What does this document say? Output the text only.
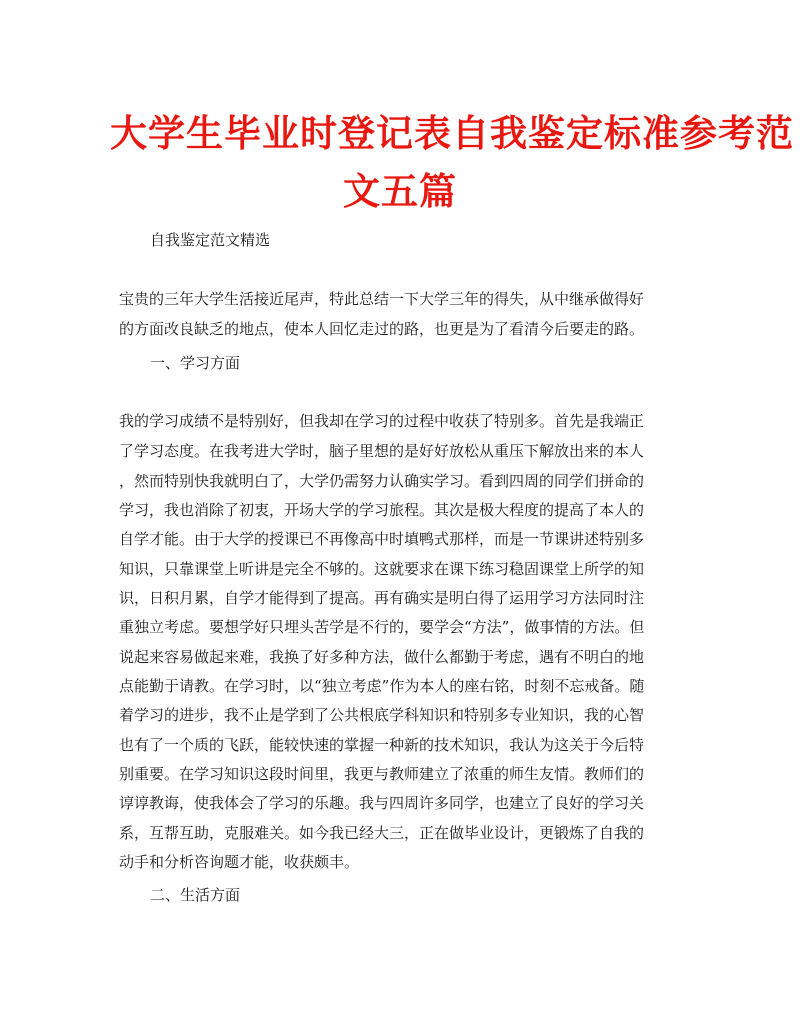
大学生毕业时登记表自我鉴定标准参考范
文五篇
自我鉴定范文精选
宝贵的三年大学生活接近尾声，特此总结一下大学三年的得失，从中继承做得好
的方面改良缺乏的地点，使本人回忆走过的路，也更是为了看清今后要走的路。
一、学习方面
我的学习成绩不是特别好，但我却在学习的过程中收获了特别多。首先是我端正
了学习态度。在我考进大学时，脑子里想的是好好放松从重压下解放出来的本人
，然而特别快我就明白了，大学仍需努力认确实学习。看到四周的同学们拼命的
学习，我也消除了初衷，开场大学的学习旅程。其次是极大程度的提高了本人的
自学才能。由于大学的授课已不再像高中时填鸭式那样，而是一节课讲述特别多
知识，只靠课堂上听讲是完全不够的。这就要求在课下练习稳固课堂上所学的知
识，日积月累，自学才能得到了提高。再有确实是明白得了运用学习方法同时注
重独立考虑。要想学好只埋头苦学是不行的，要学会“方法”，做事情的方法。但
说起来容易做起来难，我换了好多种方法，做什么都勤于考虑，遇有不明白的地
点能勤于请教。在学习时，以“独立考虑”作为本人的座右铭，时刻不忘戒备。随
着学习的进步，我不止是学到了公共根底学科知识和特别多专业知识，我的心智
也有了一个质的飞跃，能较快速的掌握一种新的技术知识，我认为这关于今后特
别重要。在学习知识这段时间里，我更与教师建立了浓重的师生友情。教师们的
谆谆教诲，使我体会了学习的乐趣。我与四周许多同学，也建立了良好的学习关
系，互帮互助，克服难关。如今我已经大三，正在做毕业设计，更锻炼了自我的
动手和分析咨询题才能，收获颇丰。
二、生活方面
